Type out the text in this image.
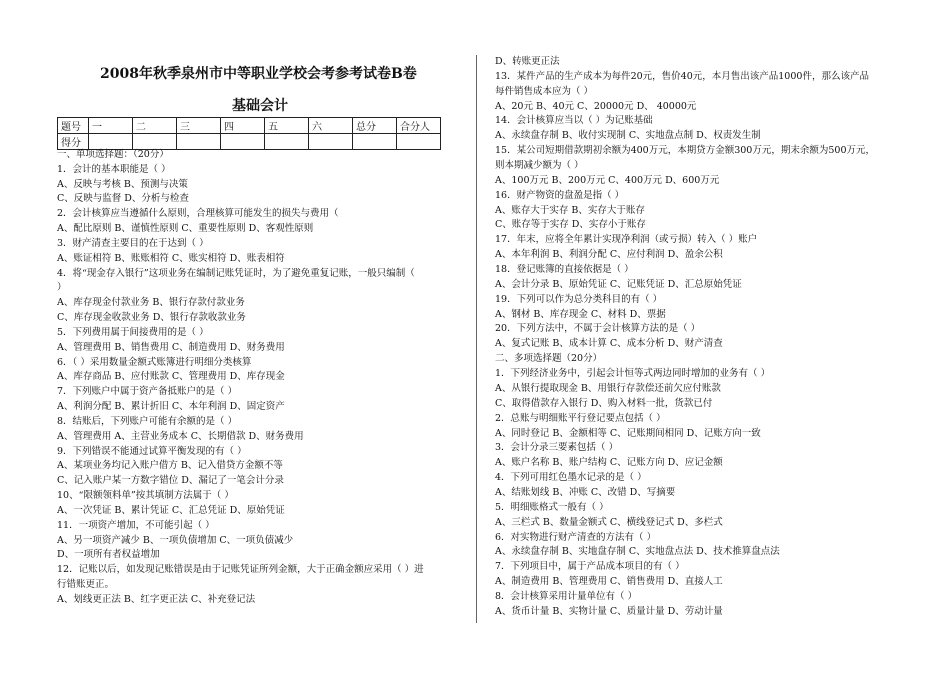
2008年秋季泉州市中等职业学校会考参考试卷B卷
基础会计
题号	一	二	三	四	五	六	总分	合分人
得分								
一、单项选择题：（20分）
1．会计的基本职能是（ ）
A、反映与考核 B、预测与决策
C、反映与监督 D、分析与检查
2．会计核算应当遵循什么原则，合理核算可能发生的损失与费用（
A、配比原则 B、谨慎性原则 C、重要性原则 D、客观性原则
3．财产清查主要目的在于达到（ ）
A、账证相符 B、账账相符 C、账实相符 D、账表相符
4．将“现金存入银行”这项业务在编制记账凭证时，为了避免重复记账，一般只编制（
）
A、库存现金付款业务 B、银行存款付款业务
C、库存现金收款业务 D、银行存款收款业务
5．下列费用属于间接费用的是（ ）
A、管理费用 B、销售费用 C、制造费用 D、财务费用
6．（ ）采用数量金额式账簿进行明细分类核算
A、库存商品 B、应付账款 C、管理费用 D、库存现金
7．下列账户中属于资产备抵账户的是（ ）
A、利润分配 B、累计折旧 C、本年利润 D、固定资产
8．结账后，下列账户可能有余额的是（ ）
A、管理费用 A、主营业务成本 C、长期借款 D、财务费用
9．下列错误不能通过试算平衡发现的有（ ）
A、某项业务均记入账户借方 B、记入借贷方金额不等
C、记入账户某一方数字错位 D、漏记了一笔会计分录
10、“限额领料单”按其填制方法属于（ ）
A、一次凭证 B、累计凭证 C、汇总凭证 D、原始凭证
11．一项资产增加，不可能引起（ ）
A、另一项资产减少 B、一项负债增加 C、一项负债减少
D、一项所有者权益增加
12．记账以后，如发现记账错误是由于记账凭证所列金额，大于正确金额应采用（ ）进
行错账更正。
A、划线更正法 B、红字更正法 C、补充登记法
D、转账更正法
13．某件产品的生产成本为每件20元，售价40元，本月售出该产品1000件，那么该产品
每件销售成本应为（ ）
A、20元 B、40元 C、20000元 D、 40000元
14．会计核算应当以（ ）为记账基础
A、永续盘存制 B、收付实现制 C、实地盘点制 D、权责发生制
15．某公司短期借款期初余额为400万元，本期贷方金额300万元，期末余额为500万元，
则本期减少额为（ ）
A、100万元 B、200万元 C、400万元 D、600万元
16．财产物资的盘盈是指（ ）
A、账存大于实存 B、实存大于账存
C、账存等于实存 D、实存小于账存
17．年末，应将全年累计实现净利润（或亏损）转入（ ）账户
A、本年利润 B、利润分配 C、应付利润 D、盈余公积
18．登记账簿的直接依据是（ ）
A、会计分录 B、原始凭证 C、记账凭证 D、汇总原始凭证
19．下列可以作为总分类科目的有（ ）
A、钢材 B、库存现金 C、材料 D、票据
20．下列方法中，不属于会计核算方法的是（ ）
A、复式记账 B、成本计算 C、成本分析 D、财产清查
二、多项选择题（20分）
1．下列经济业务中，引起会计恒等式两边同时增加的业务有（ ）
A、从银行提取现金 B、用银行存款偿还前欠应付账款
C、取得借款存入银行 D、购入材料一批，货款已付
2．总账与明细账平行登记要点包括（ ）
A、同时登记 B、金额相等 C、记账期间相同 D、记账方向一致
3．会计分录三要素包括（ ）
A、账户名称 B、账户结构 C、记账方向 D、应记金额
4．下列可用红色墨水记录的是（ ）
A、结账划线 B、冲账 C、改错 D、写摘要
5．明细账格式一般有（ ）
A、三栏式 B、数量金额式 C、横线登记式 D、多栏式
6．对实物进行财产清查的方法有（ ）
A、永续盘存制 B、实地盘存制 C、实地盘点法 D、技术推算盘点法
7．下列项目中，属于产品成本项目的有（ ）
A、制造费用 B、管理费用 C、销售费用 D、直接人工
8．会计核算采用计量单位有（ ）
A、货币计量 B、实物计量 C、质量计量 D、劳动计量
